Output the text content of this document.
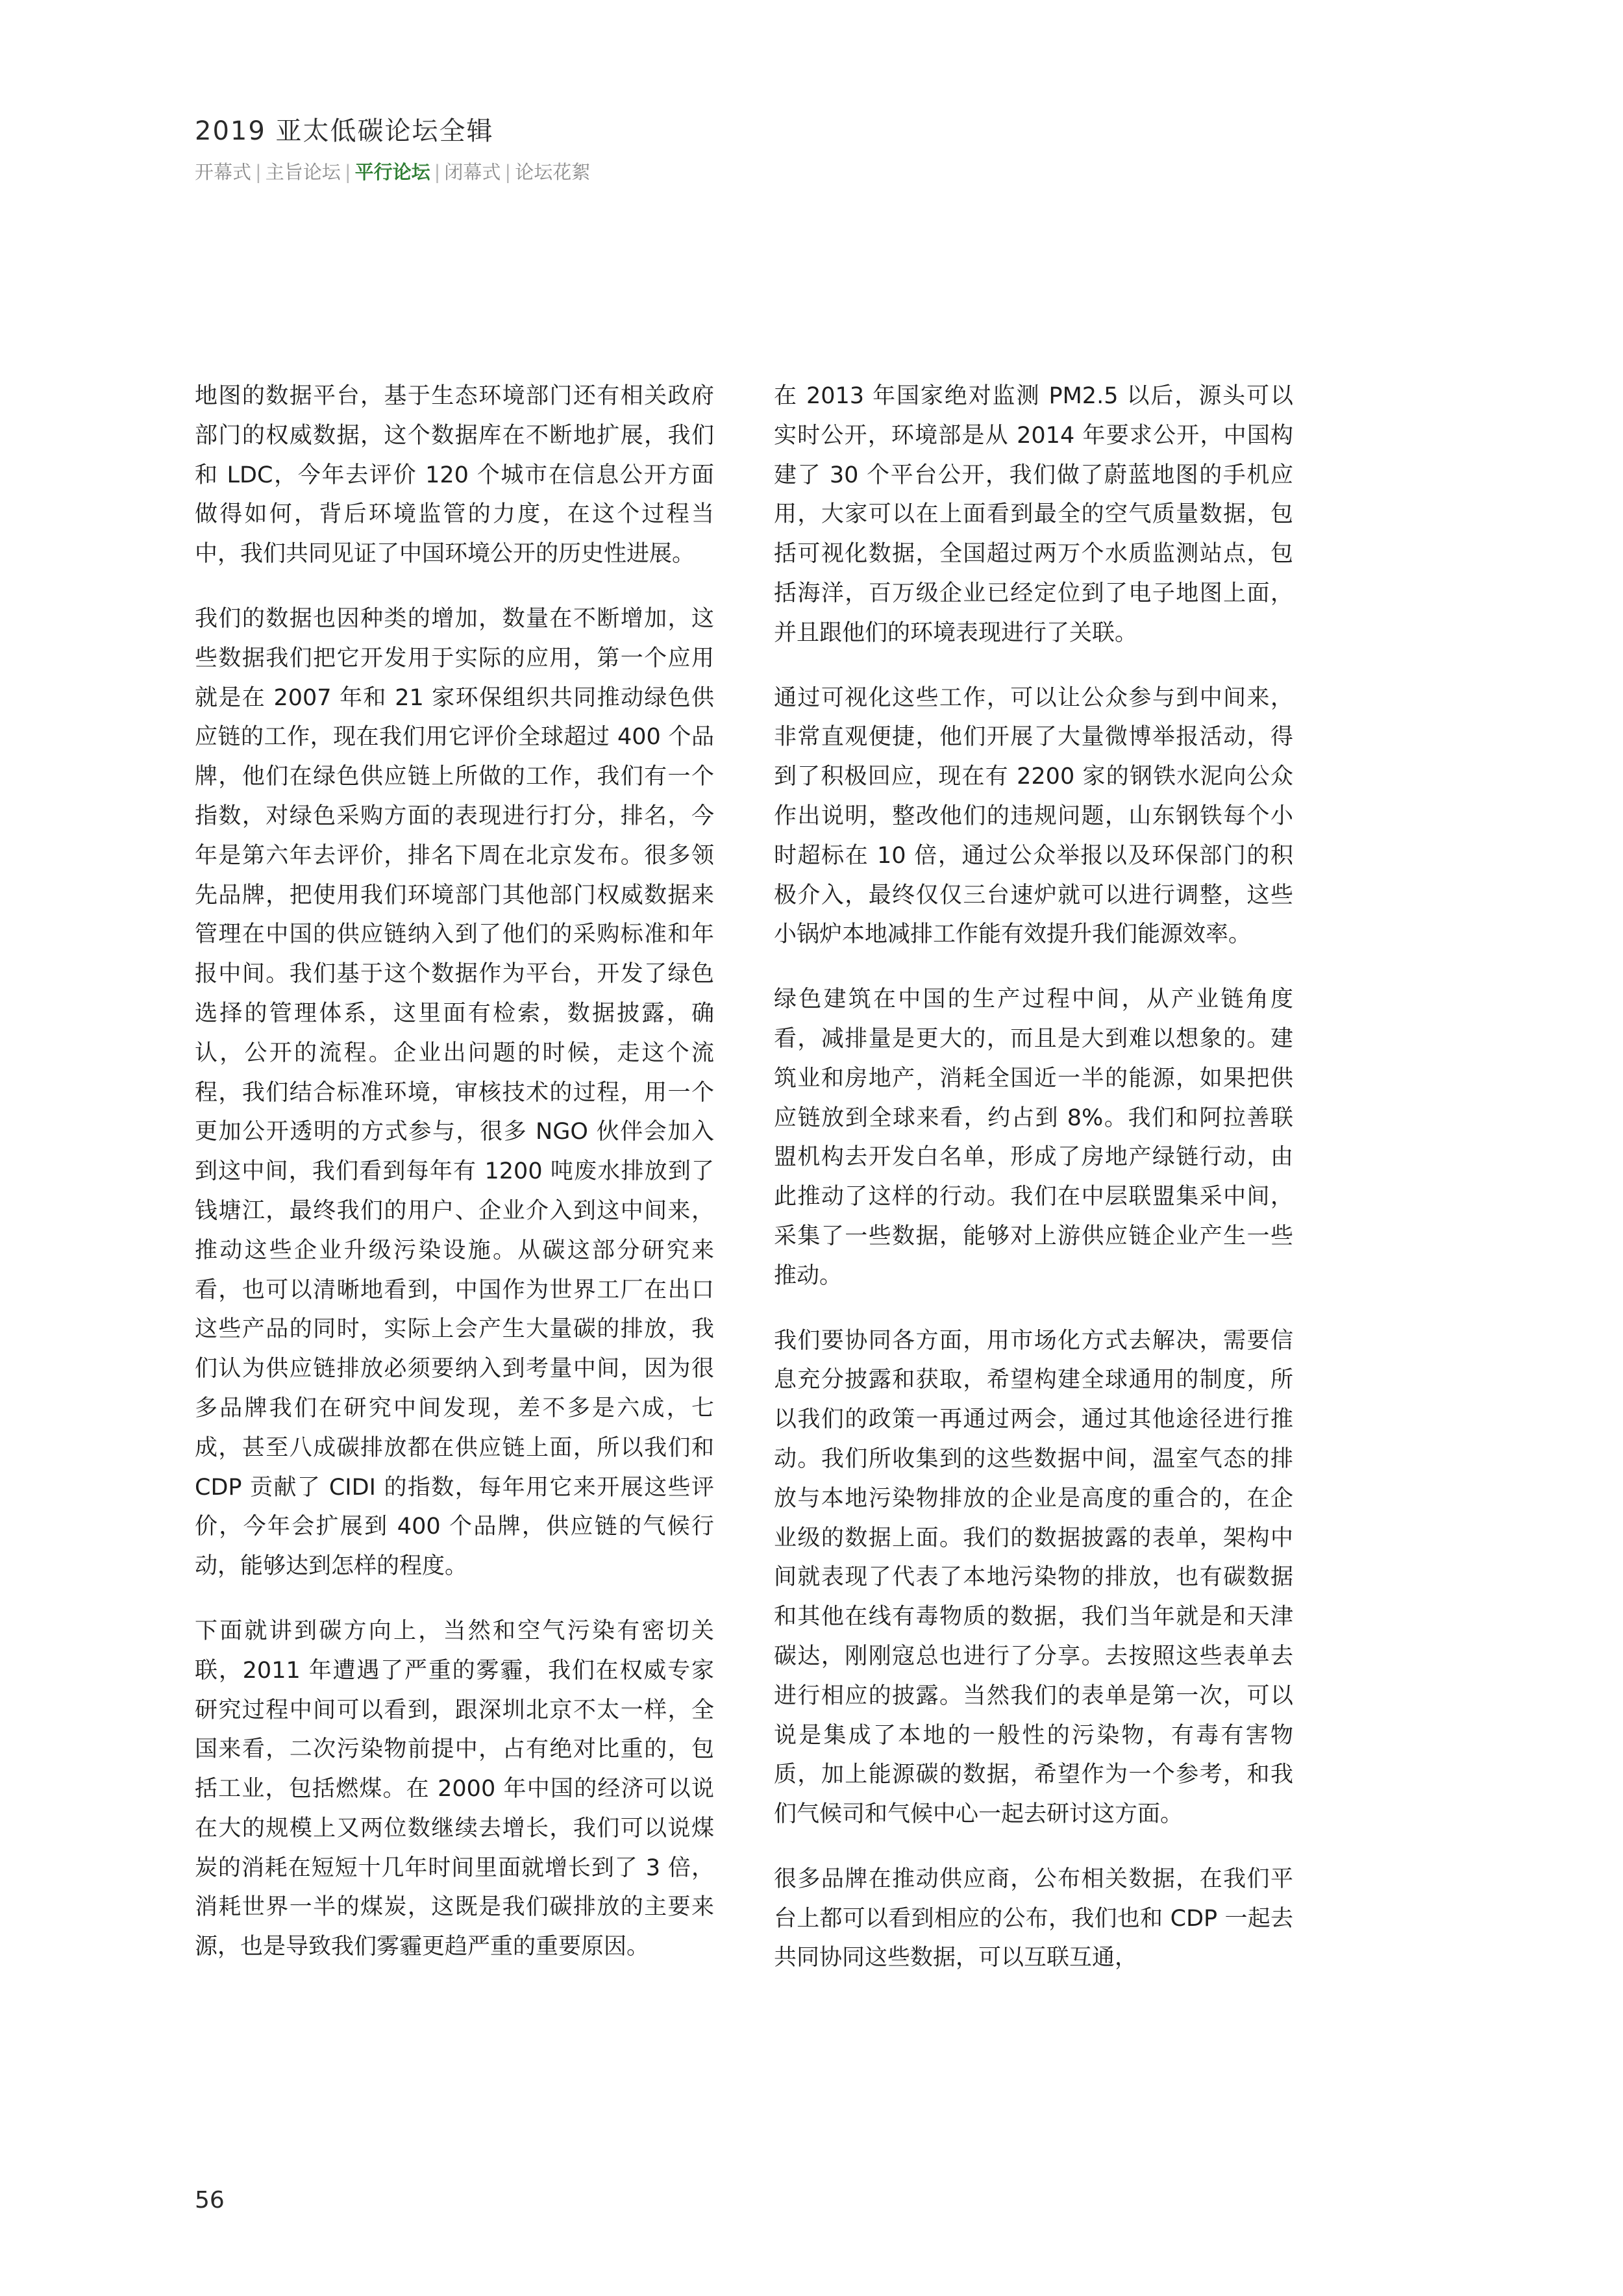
2019 亚太低碳论坛全辑
开幕式 | 主旨论坛 | 平行论坛 | 闭幕式 | 论坛花絮

地图的数据平台，基于生态环境部门还有相关政府部门的权威数据，这个数据库在不断地扩展，我们和 LDC，今年去评价 120 个城市在信息公开方面做得如何，背后环境监管的力度，在这个过程当中，我们共同见证了中国环境公开的历史性进展。

我们的数据也因种类的增加，数量在不断增加，这些数据我们把它开发用于实际的应用，第一个应用就是在 2007 年和 21 家环保组织共同推动绿色供应链的工作，现在我们用它评价全球超过 400 个品牌，他们在绿色供应链上所做的工作，我们有一个指数，对绿色采购方面的表现进行打分，排名，今年是第六年去评价，排名下周在北京发布。很多领先品牌，把使用我们环境部门其他部门权威数据来管理在中国的供应链纳入到了他们的采购标准和年报中间。我们基于这个数据作为平台，开发了绿色选择的管理体系，这里面有检索，数据披露，确认，公开的流程。企业出问题的时候，走这个流程，我们结合标准环境，审核技术的过程，用一个更加公开透明的方式参与，很多 NGO 伙伴会加入到这中间，我们看到每年有 1200 吨废水排放到了钱塘江，最终我们的用户、企业介入到这中间来，推动这些企业升级污染设施。从碳这部分研究来看，也可以清晰地看到，中国作为世界工厂在出口这些产品的同时，实际上会产生大量碳的排放，我们认为供应链排放必须要纳入到考量中间，因为很多品牌我们在研究中间发现，差不多是六成，七成，甚至八成碳排放都在供应链上面，所以我们和 CDP 贡献了 CIDI 的指数，每年用它来开展这些评价，今年会扩展到 400 个品牌，供应链的气候行动，能够达到怎样的程度。

下面就讲到碳方向上，当然和空气污染有密切关联，2011 年遭遇了严重的雾霾，我们在权威专家研究过程中间可以看到，跟深圳北京不太一样，全国来看，二次污染物前提中，占有绝对比重的，包括工业，包括燃煤。在 2000 年中国的经济可以说在大的规模上又两位数继续去增长，我们可以说煤炭的消耗在短短十几年时间里面就增长到了 3 倍，消耗世界一半的煤炭，这既是我们碳排放的主要来源，也是导致我们雾霾更趋严重的重要原因。

在 2013 年国家绝对监测 PM2.5 以后，源头可以实时公开，环境部是从 2014 年要求公开，中国构建了 30 个平台公开，我们做了蔚蓝地图的手机应用，大家可以在上面看到最全的空气质量数据，包括可视化数据，全国超过两万个水质监测站点，包括海洋，百万级企业已经定位到了电子地图上面，并且跟他们的环境表现进行了关联。

通过可视化这些工作，可以让公众参与到中间来，非常直观便捷，他们开展了大量微博举报活动，得到了积极回应，现在有 2200 家的钢铁水泥向公众作出说明，整改他们的违规问题，山东钢铁每个小时超标在 10 倍，通过公众举报以及环保部门的积极介入，最终仅仅三台速炉就可以进行调整，这些小锅炉本地减排工作能有效提升我们能源效率。

绿色建筑在中国的生产过程中间，从产业链角度看，减排量是更大的，而且是大到难以想象的。建筑业和房地产，消耗全国近一半的能源，如果把供应链放到全球来看，约占到 8%。我们和阿拉善联盟机构去开发白名单，形成了房地产绿链行动，由此推动了这样的行动。我们在中层联盟集采中间，采集了一些数据，能够对上游供应链企业产生一些推动。

我们要协同各方面，用市场化方式去解决，需要信息充分披露和获取，希望构建全球通用的制度，所以我们的政策一再通过两会，通过其他途径进行推动。我们所收集到的这些数据中间，温室气态的排放与本地污染物排放的企业是高度的重合的，在企业级的数据上面。我们的数据披露的表单，架构中间就表现了代表了本地污染物的排放，也有碳数据和其他在线有毒物质的数据，我们当年就是和天津碳达，刚刚寇总也进行了分享。去按照这些表单去进行相应的披露。当然我们的表单是第一次，可以说是集成了本地的一般性的污染物，有毒有害物质，加上能源碳的数据，希望作为一个参考，和我们气候司和气候中心一起去研讨这方面。

很多品牌在推动供应商，公布相关数据，在我们平台上都可以看到相应的公布，我们也和 CDP 一起去共同协同这些数据，可以互联互通，

56
